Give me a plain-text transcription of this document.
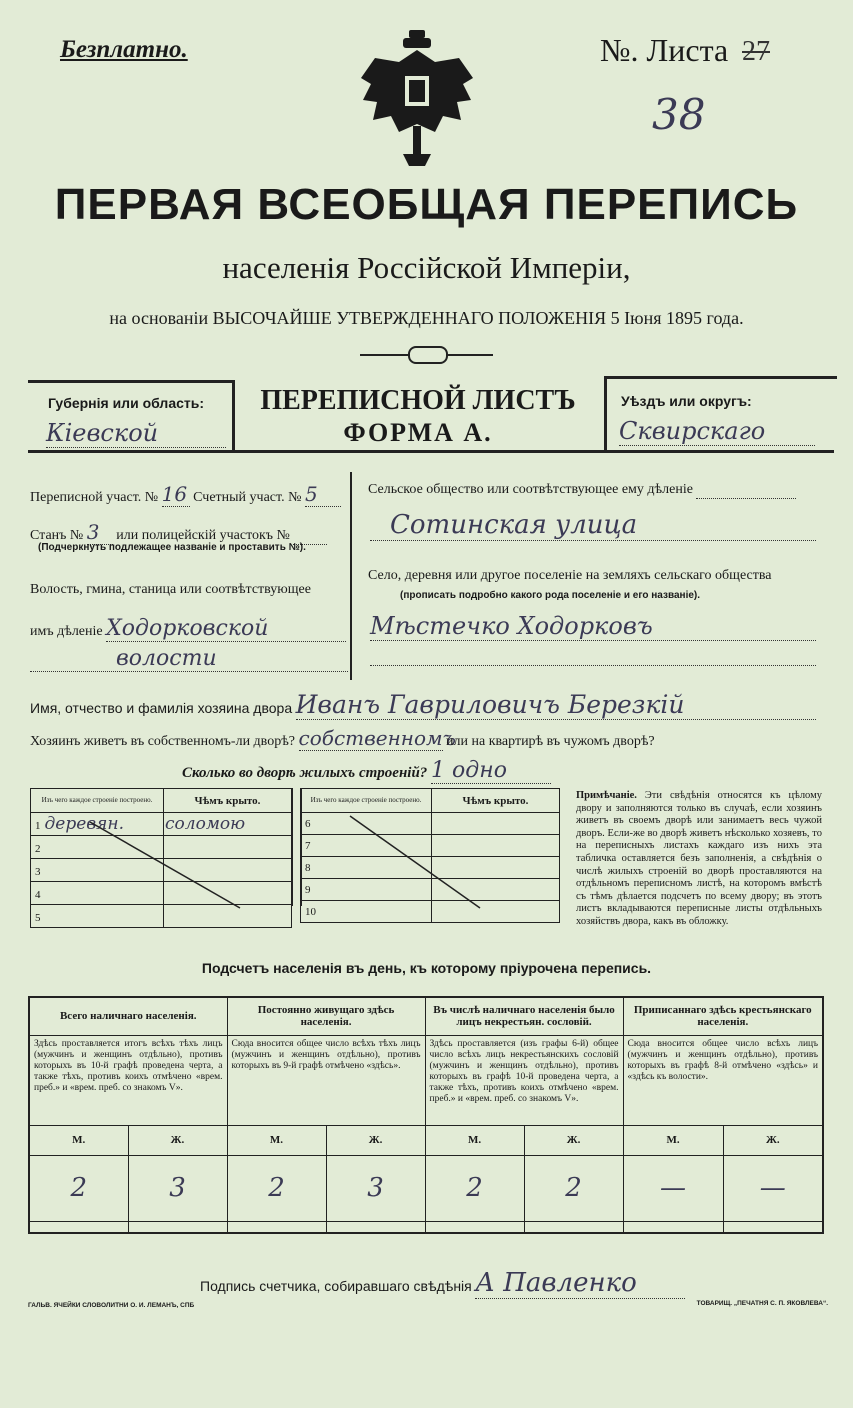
Безплатно.	№. Листа 27
38
ПЕРВАЯ ВСЕОБЩАЯ ПЕРЕПИСЬ
населенія Россійской Имперіи,
на основаніи ВЫСОЧАЙШЕ УТВЕРЖДЕННАГО ПОЛОЖЕНІЯ 5 Іюня 1895 года.
Губернія или область:
Кіевской
ПЕРЕПИСНОЙ ЛИСТЪ
ФОРМА А.
Уѣздъ или округъ:
Сквирскаго
Переписной участ. № 16 Счетный участ. № 5
Станъ № 3 или полицейскій участокъ №
(Подчеркнуть подлежащее названіе и проставить №).
Волость, гмина, станица или соотвѣтствующее
имъ дѣленіе Ходорковской
волости
Сельское общество или соотвѣтствующее ему дѣленіе
Сотинская улица
Село, деревня или другое поселеніе на земляхъ сельскаго общества
(прописать подробно какого рода поселеніе и его названіе).
Мѣстечко Ходорковъ
Имя, отчество и фамилія хозяина двора Иванъ Гавриловичъ Березкій
Хозяинъ живетъ въ собственномъ-ли дворѣ? собственномъ или на квартирѣ въ чужомъ дворѣ?
Сколько во дворѣ жилыхъ строеній? 1 одно
Изъ чего каждое строеніе построено.	Чѣмъ крыто.
1 деревян.	соломою
2	
3	
4	
5	
Изъ чего каждое строеніе построено.	Чѣмъ крыто.
6	
7	
8	
9	
10	
Примѣчаніе. Эти свѣдѣнія относятся къ цѣлому двору и заполняются только въ случаѣ, если хозяинъ живетъ въ своемъ дворѣ или занимаетъ весь чужой дворъ. Если-же во дворѣ живетъ нѣсколько хозяевъ, то на переписныхъ листахъ каждаго изъ нихъ эта табличка оставляется безъ заполненія, а свѣдѣнія о числѣ жилыхъ строеній во дворѣ проставляются на отдѣльномъ переписномъ листѣ, на которомъ вмѣстѣ съ тѣмъ дѣлается подсчетъ по всему двору; въ этотъ листъ вкладываются переписные листы отдѣльныхъ хозяйствъ двора, какъ въ обложку.
Подсчетъ населенія въ день, къ которому пріурочена перепись.
Всего наличнаго населенія.		Постоянно живущаго здѣсь населенія.		Въ числѣ наличнаго населенія было лицъ некрестьян. сословій.		Приписаннаго здѣсь крестьянскаго населенія.	
Здѣсь проставляется итогъ всѣхъ тѣхъ лицъ (мужчинъ и женщинъ отдѣльно), противъ которыхъ въ 10-й графѣ проведена черта, а также тѣхъ, противъ коихъ отмѣчено «врем. преб.» и «врем. преб. со знакомъ V».		Сюда вносится общее число всѣхъ тѣхъ лицъ (мужчинъ и женщинъ отдѣльно), противъ которыхъ въ 9-й графѣ отмѣчено «здѣсь».		Здѣсь проставляется (изъ графы 6-й) общее число всѣхъ лицъ некрестьянскихъ сословій (мужчинъ и женщинъ отдѣльно), противъ которыхъ въ графѣ 10-й проведена черта, а также тѣхъ, противъ коихъ отмѣчено «врем. преб.» и «врем. преб. со знакомъ V».		Сюда вносится общее число всѣхъ лицъ (мужчинъ и женщинъ отдѣльно), противъ которыхъ въ графѣ 8-й отмѣчено «здѣсь» и «здѣсь къ волости».	
М.	Ж.	М.	Ж.	М.	Ж.	М.	Ж.
2	3	2	3	2	2	—	—

Подпись счетчика, собиравшаго свѣдѣнія А Павленко
ГАЛЬВ. ЯЧЕЙКИ СЛОВОЛИТНИ О. И. ЛЕМАНЪ, СПБ	ТОВАРИЩ. „ПЕЧАТНЯ С. П. ЯКОВЛЕВА“.
